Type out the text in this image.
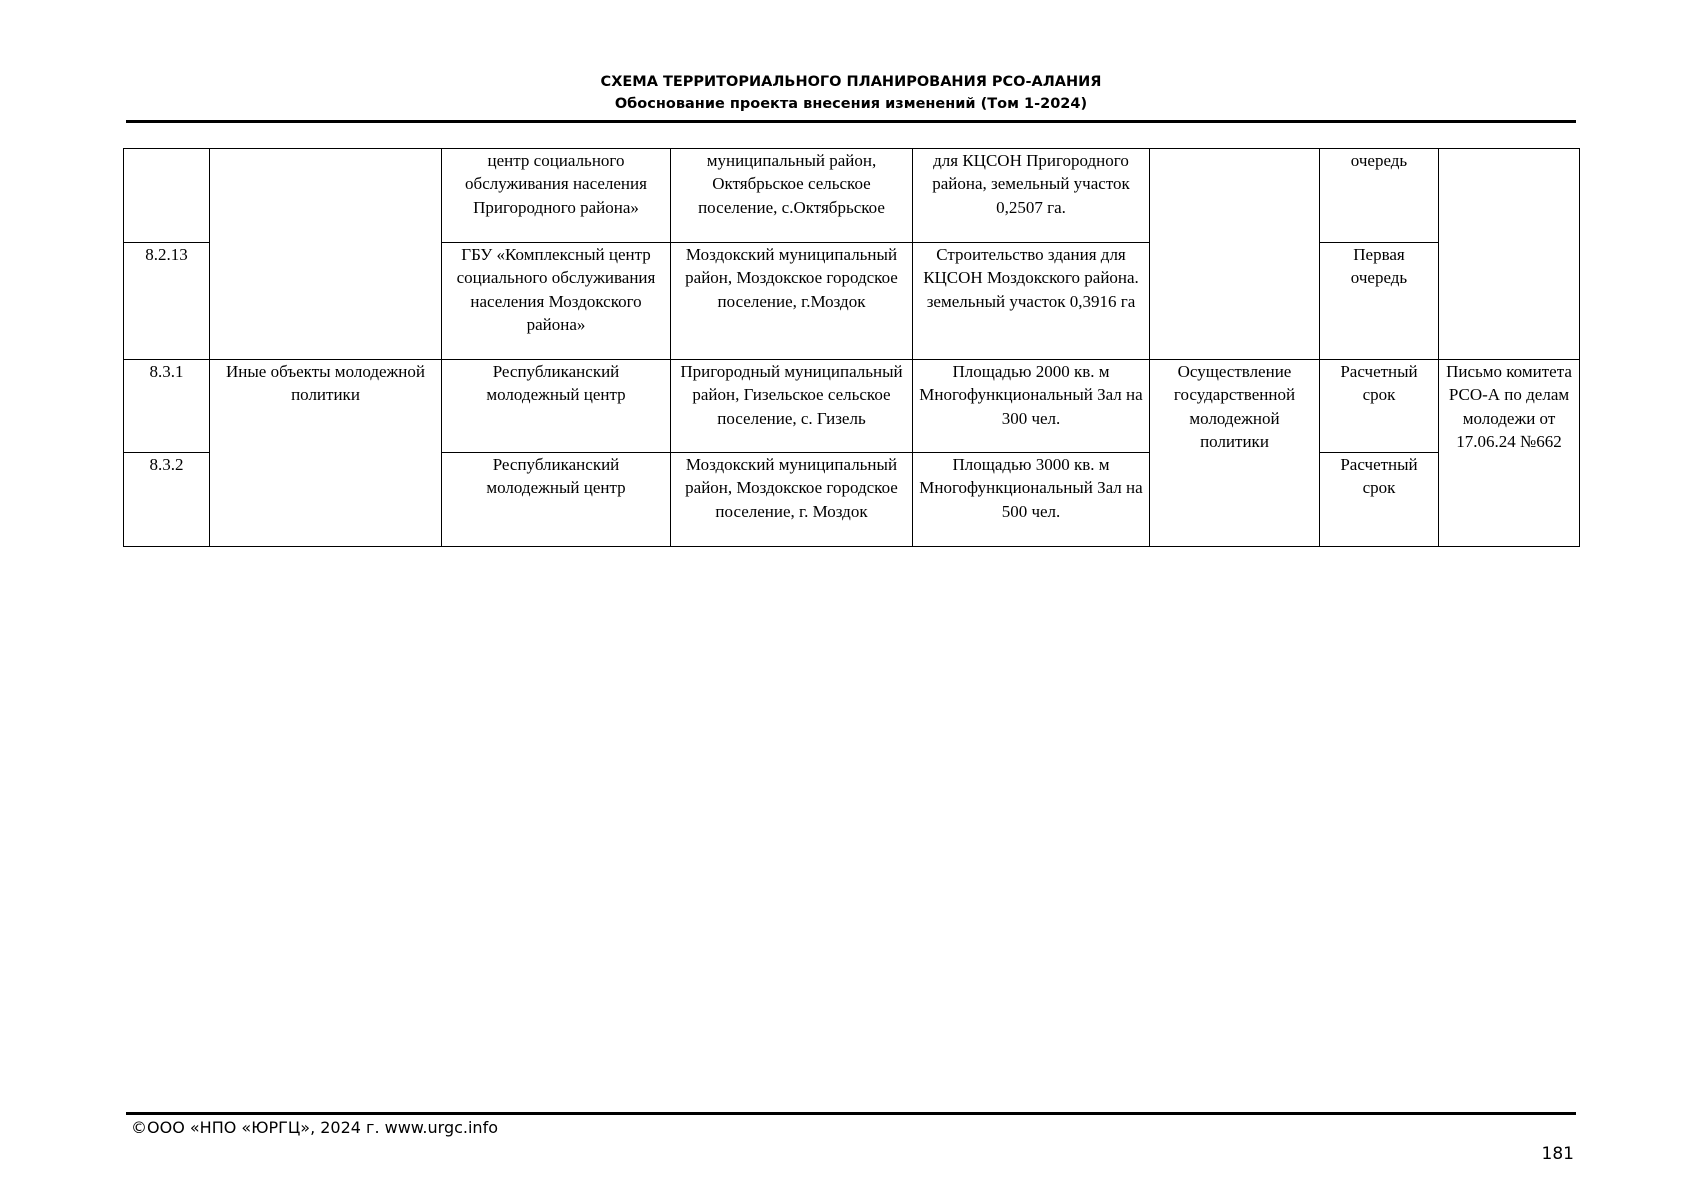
СХЕМА ТЕРРИТОРИАЛЬНОГО ПЛАНИРОВАНИЯ РСО-АЛАНИЯ
Обоснование проекта внесения изменений (Том 1-2024)
		центр социального обслуживания населения Пригородного района»	муниципальный район, Октябрьское сельское поселение, с.Октябрьское	для КЦСОН Пригородного района, земельный участок 0,2507 га.		очередь	
8.2.13		ГБУ «Комплексный центр социального обслуживания населения Моздокского района»	Моздокский муниципальный район, Моздокское городское поселение, г.Моздок	Строительство здания для КЦСОН Моздокского района. земельный участок 0,3916 га		Первая очередь	
8.3.1	Иные объекты молодежной политики	Республиканский молодежный центр	Пригородный муниципальный район, Гизельское сельское поселение, с. Гизель	Площадью 2000 кв. м Многофункциональный Зал на 300 чел.	Осуществление государственной молодежной политики	Расчетный срок	Письмо комитета РСО-А по делам молодежи от 17.06.24 №662
8.3.2		Республиканский молодежный центр	Моздокский муниципальный район, Моздокское городское поселение, г. Моздок	Площадью 3000 кв. м Многофункциональный Зал на 500 чел.		Расчетный срок	
©ООО «НПО «ЮРГЦ», 2024 г. www.urgc.info
181
